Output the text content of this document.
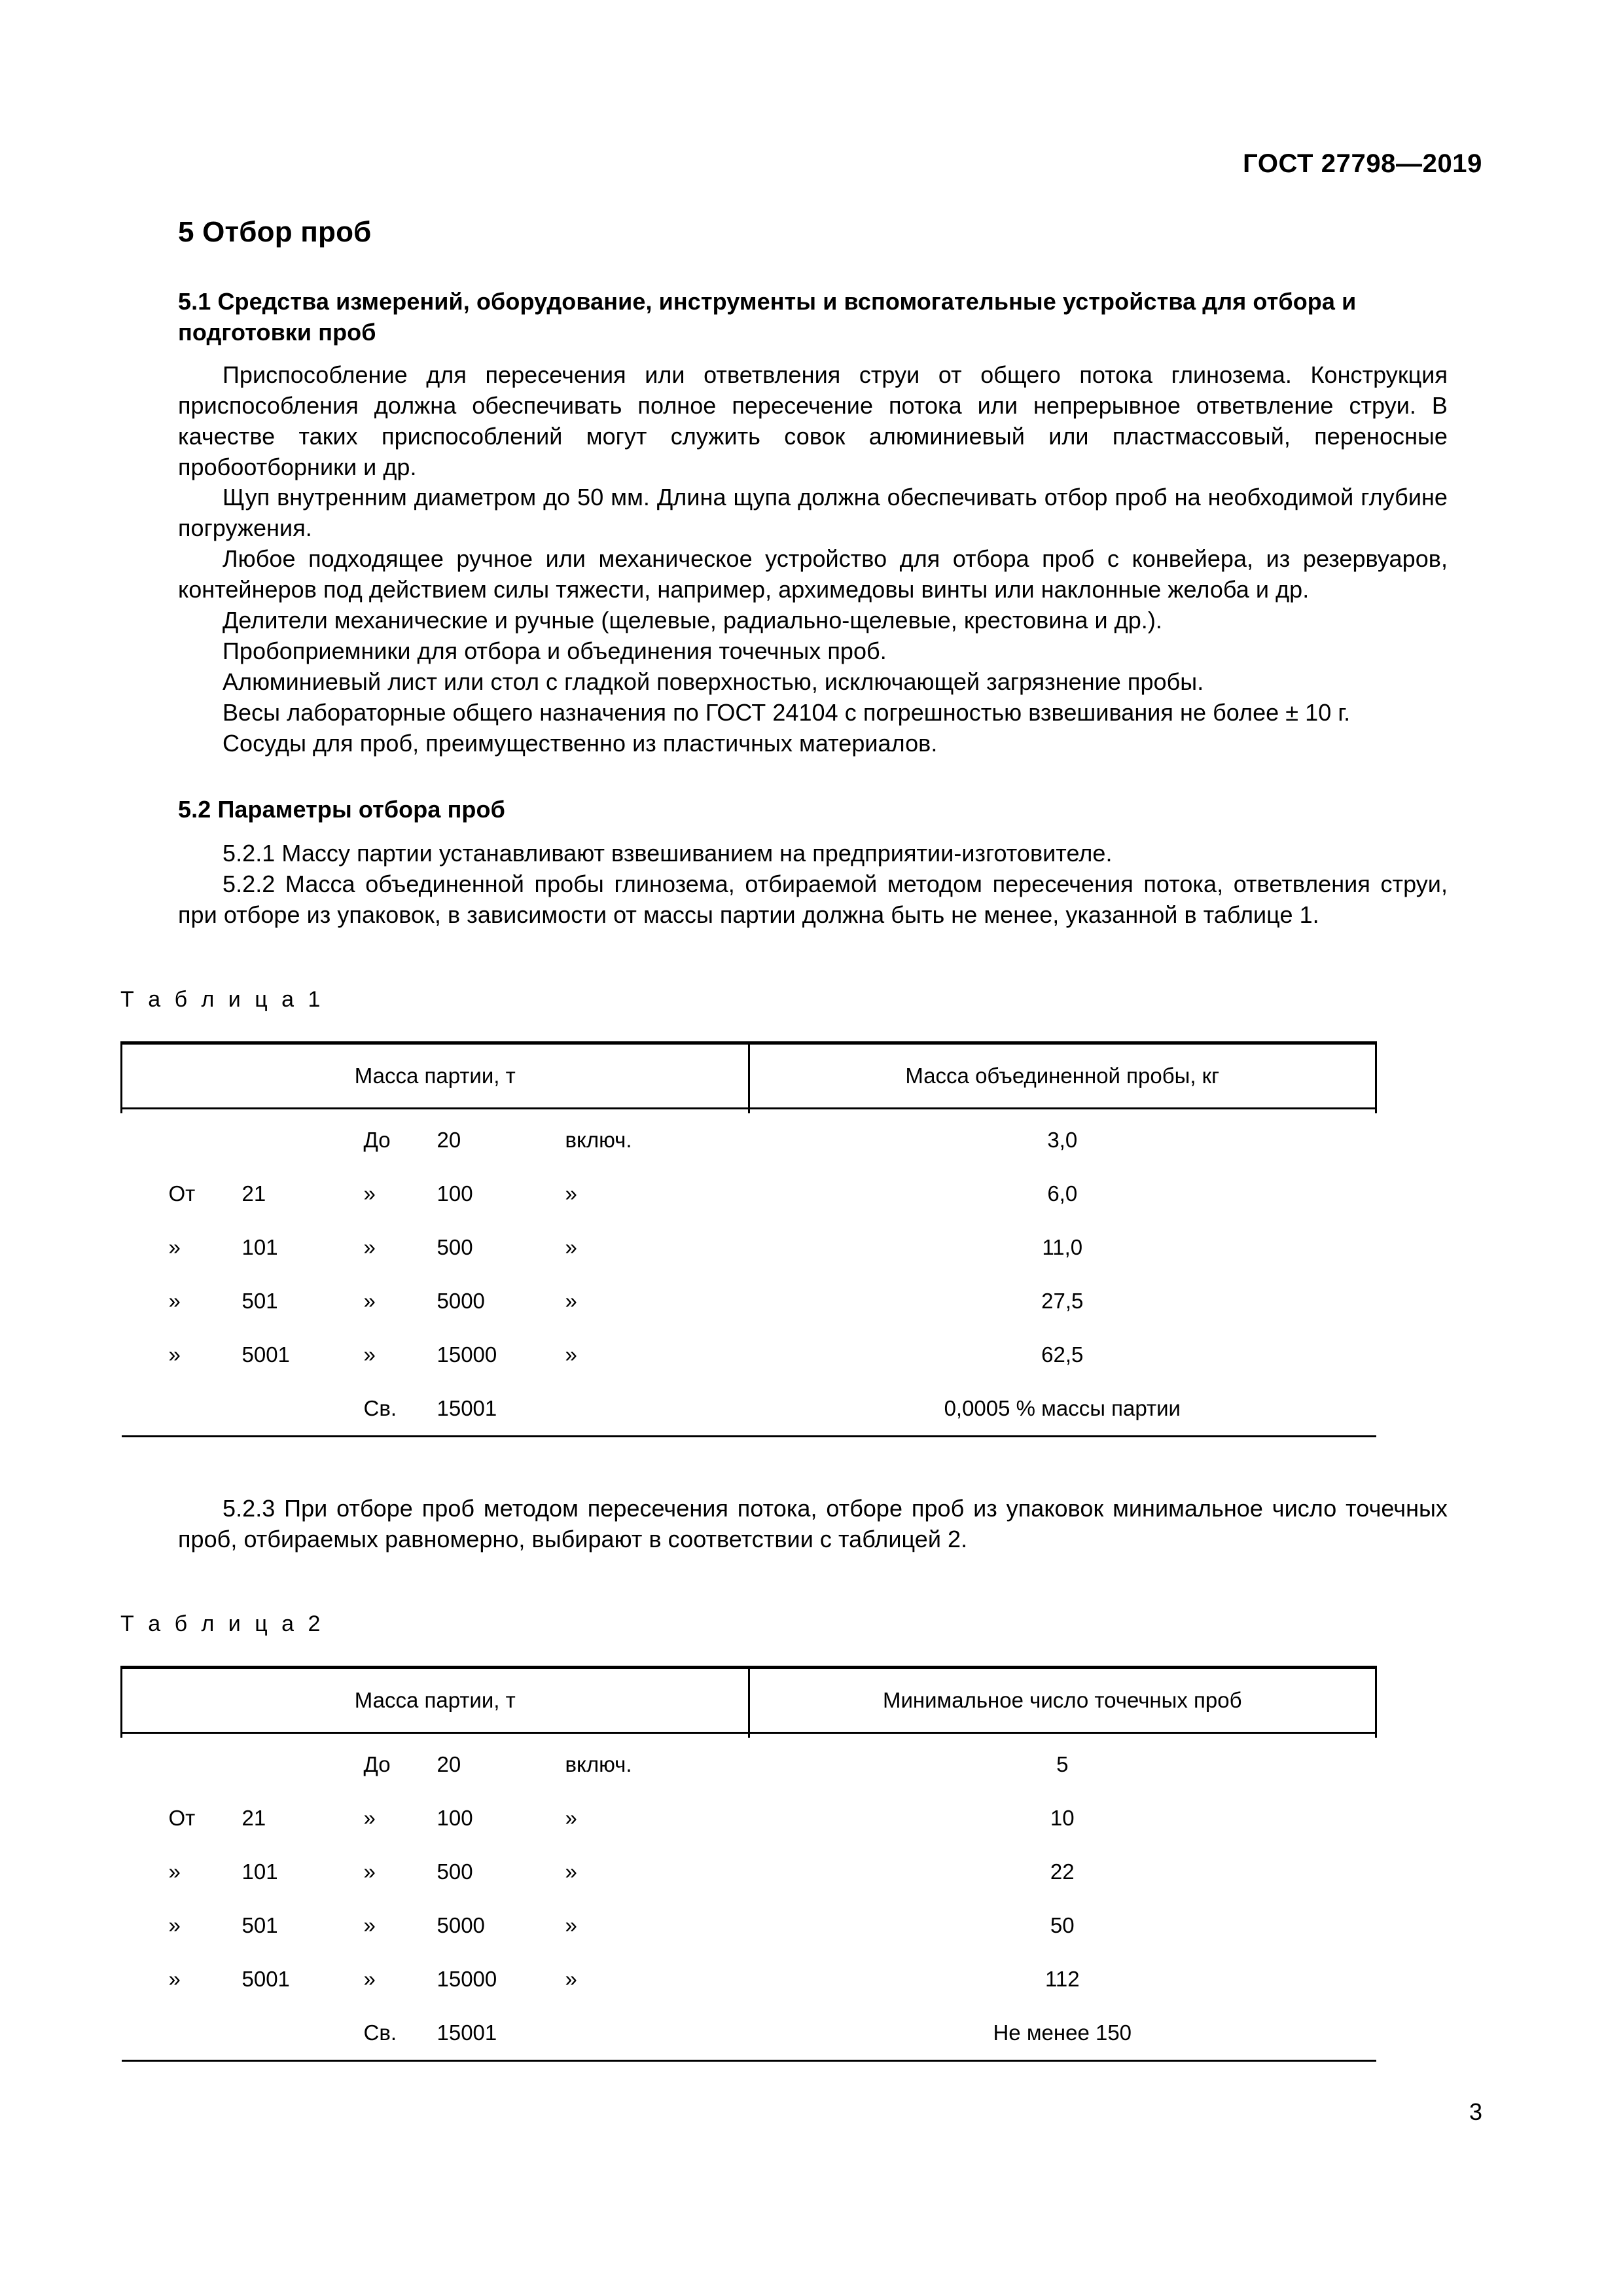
ГОСТ 27798—2019
5 Отбор проб
5.1 Средства измерений, оборудование, инструменты и вспомогательные устройства для отбора и подготовки проб

Приспособление для пересечения или ответвления струи от общего потока глинозема. Конструкция приспособления должна обеспечивать полное пересечение потока или непрерывное ответвление струи. В качестве таких приспособлений могут служить совок алюминиевый или пластмассовый, переносные пробоотборники и др.

Щуп внутренним диаметром до 50 мм. Длина щупа должна обеспечивать отбор проб на необходимой глубине погружения.

Любое подходящее ручное или механическое устройство для отбора проб с конвейера, из резервуаров, контейнеров под действием силы тяжести, например, архимедовы винты или наклонные желоба и др.

Делители механические и ручные (щелевые, радиально-щелевые, крестовина и др.).

Пробоприемники для отбора и объединения точечных проб.

Алюминиевый лист или стол с гладкой поверхностью, исключающей загрязнение пробы.

Весы лабораторные общего назначения по ГОСТ 24104 с погрешностью взвешивания не более ± 10 г.

Сосуды для проб, преимущественно из пластичных материалов.

5.2 Параметры отбора проб

5.2.1 Массу партии устанавливают взвешиванием на предприятии-изготовителе.

5.2.2 Масса объединенной пробы глинозема, отбираемой методом пересечения потока, ответвления струи, при отборе из упаковок, в зависимости от массы партии должна быть не менее, указанной в таблице 1.

Т а б л и ц а 1

Масса партии, т	Масса объединенной пробы, кг

До 20 включ.	3,0

От 21 » 100 »	6,0

» 101 » 500 »	11,0

» 501 » 5000 »	27,5

» 5001 » 15000 »	62,5

Св. 15001	0,0005 % массы партии

5.2.3 При отборе проб методом пересечения потока, отборе проб из упаковок минимальное число точечных проб, отбираемых равномерно, выбирают в соответствии с таблицей 2.

Т а б л и ц а 2

Масса партии, т	Минимальное число точечных проб

До 20 включ.	5

От 21 » 100 »	10

» 101 » 500 »	22

» 501 » 5000 »	50

» 5001 » 15000 »	112

Св. 15001	Не менее 150
3
